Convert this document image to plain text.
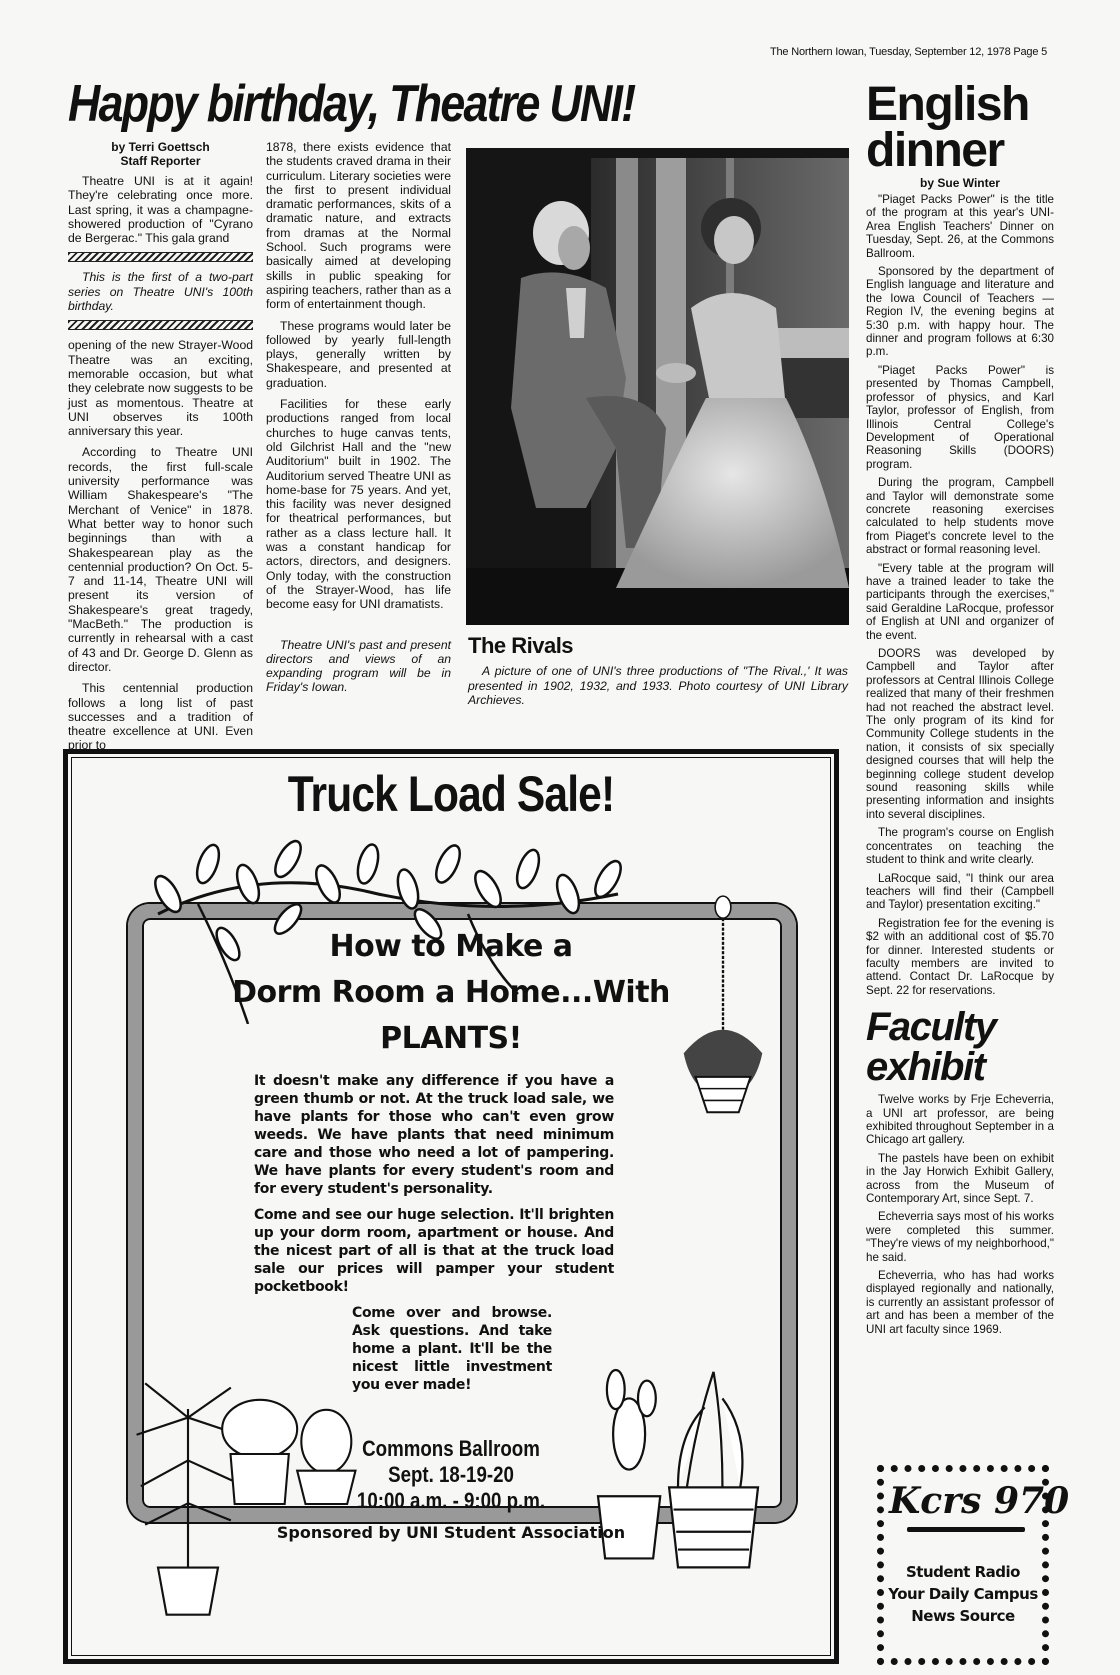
The Northern Iowan, Tuesday, September 12, 1978 Page 5
Happy birthday, Theatre UNI!
by Terri Goettsch
Staff Reporter

Theatre UNI is at it again! They're celebrating once more. Last spring, it was a champagne-showered production of "Cyrano de Bergerac." This gala grand

This is the first of a two-part series on Theatre UNI's 100th birthday.

opening of the new Strayer-Wood Theatre was an exciting, memorable occasion, but what they celebrate now suggests to be just as momentous. Theatre at UNI observes its 100th anniversary this year.

According to Theatre UNI records, the first full-scale university performance was William Shakespeare's "The Merchant of Venice" in 1878. What better way to honor such beginnings than with a Shakespearean play as the centennial production? On Oct. 5-7 and 11-14, Theatre UNI will present its version of Shakespeare's great tragedy, "MacBeth." The production is currently in rehearsal with a cast of 43 and Dr. George D. Glenn as director.

This centennial production follows a long list of past successes and a tradition of theatre excellence at UNI. Even prior to

1878, there exists evidence that the students craved drama in their curriculum. Literary societies were the first to present individual dramatic performances, skits of a dramatic nature, and extracts from dramas at the Normal School. Such programs were basically aimed at developing skills in public speaking for aspiring teachers, rather than as a form of entertainment though.

These programs would later be followed by yearly full-length plays, generally written by Shakespeare, and presented at graduation.

Facilities for these early productions ranged from local churches to huge canvas tents, old Gilchrist Hall and the "new Auditorium" built in 1902. The Auditorium served Theatre UNI as home-base for 75 years. And yet, this facility was never designed for theatrical performances, but rather as a class lecture hall. It was a constant handicap for actors, directors, and designers. Only today, with the construction of the Strayer-Wood, has life become easy for UNI dramatists.

Theatre UNI's past and present directors and views of an expanding program will be in Friday's Iowan.

The Rivals
A picture of one of UNI's three productions of "The Rival.,' It was presented in 1902, 1932, and 1933. Photo courtesy of UNI Library Archieves.
English dinner
by Sue Winter

"Piaget Packs Power" is the title of the program at this year's UNI-Area English Teachers' Dinner on Tuesday, Sept. 26, at the Commons Ballroom.

Sponsored by the department of English language and literature and the Iowa Council of Teachers — Region IV, the evening begins at 5:30 p.m. with happy hour. The dinner and program follows at 6:30 p.m.

"Piaget Packs Power" is presented by Thomas Campbell, professor of physics, and Karl Taylor, professor of English, from Illinois Central College's Development of Operational Reasoning Skills (DOORS) program.

During the program, Campbell and Taylor will demonstrate some concrete reasoning exercises calculated to help students move from Piaget's concrete level to the abstract or formal reasoning level.

"Every table at the program will have a trained leader to take the participants through the exercises," said Geraldine LaRocque, professor of English at UNI and organizer of the event.

DOORS was developed by Campbell and Taylor after professors at Central Illinois College realized that many of their freshmen had not reached the abstract level. The only program of its kind for Community College students in the nation, it consists of six specially designed courses that will help the beginning college student develop sound reasoning skills while presenting information and insights into several disciplines.

The program's course on English concentrates on teaching the student to think and write clearly.

LaRocque said, "I think our area teachers will find their (Campbell and Taylor) presentation exciting."

Registration fee for the evening is $2 with an additional cost of $5.70 for dinner. Interested students or faculty members are invited to attend. Contact Dr. LaRocque by Sept. 22 for reservations.

Faculty exhibit

Twelve works by Frje Echeverria, a UNI art professor, are being exhibited throughout September in a Chicago art gallery.

The pastels have been on exhibit in the Jay Horwich Exhibit Gallery, across from the Museum of Contemporary Art, since Sept. 7.

Echeverria says most of his works were completed this summer. "They're views of my neighborhood," he said.

Echeverria, who has had works displayed regionally and nationally, is currently an assistant professor of art and has been a member of the UNI art faculty since 1969.

Kcrs 970
Student Radio
Your Daily Campus
News Source
Truck Load Sale!
How to Make a
Dorm Room a Home...With
PLANTS!
It doesn't make any difference if you have a green thumb or not. At the truck load sale, we have plants for those who can't even grow weeds. We have plants that need minimum care and those who need a lot of pampering. We have plants for every student's room and for every student's personality.
Come and see our huge selection. It'll brighten up your dorm room, apartment or house. And the nicest part of all is that at the truck load sale our prices will pamper your student pocketbook!
Come over and browse. Ask questions. And take home a plant. It'll be the nicest little investment you ever made!
Commons Ballroom
Sept. 18-19-20
10:00 a.m. - 9:00 p.m.
Sponsored by UNI Student Association
